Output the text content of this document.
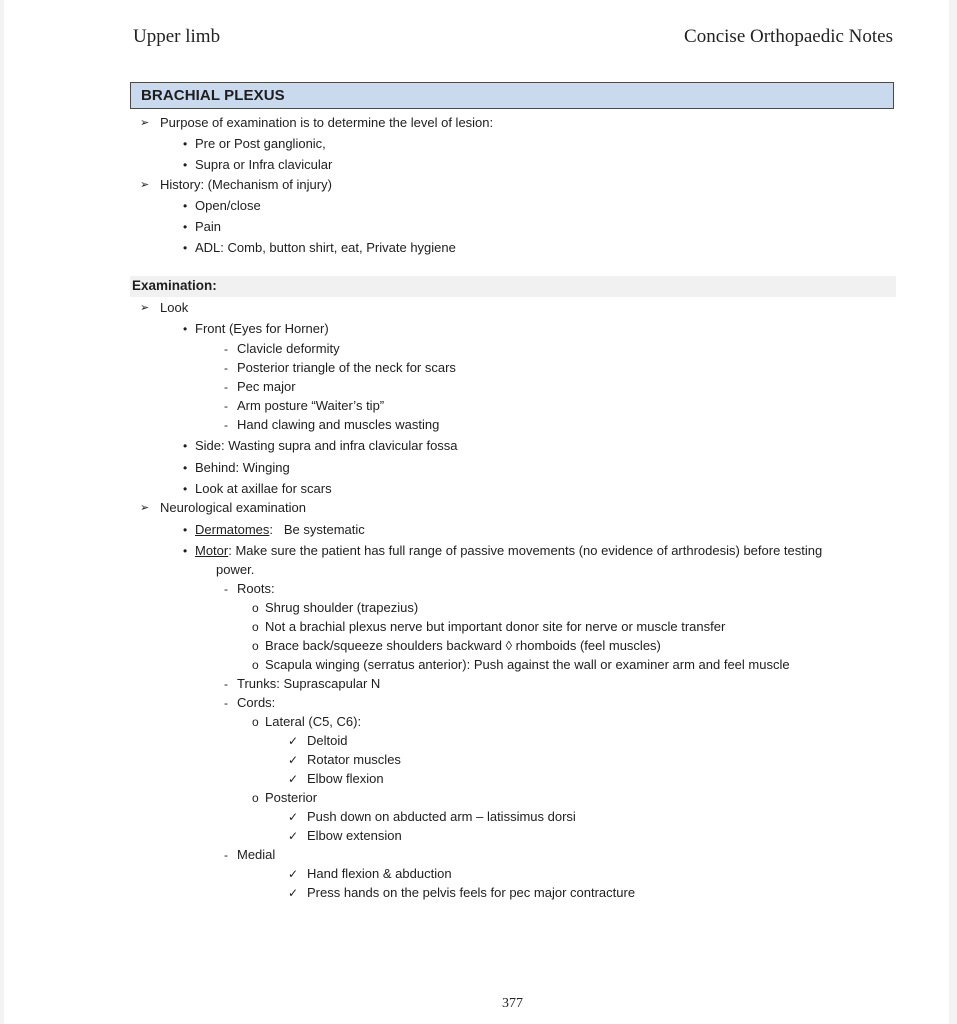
Upper limb	Concise Orthopaedic Notes
BRACHIAL PLEXUS
➢ Purpose of examination is to determine the level of lesion:
• Pre or Post ganglionic,
• Supra or Infra clavicular
➢ History: (Mechanism of injury)
• Open/close
• Pain
• ADL: Comb, button shirt, eat, Private hygiene
Examination:
➢ Look
• Front (Eyes for Horner)
- Clavicle deformity
- Posterior triangle of the neck for scars
- Pec major
- Arm posture “Waiter’s tip”
- Hand clawing and muscles wasting
• Side: Wasting supra and infra clavicular fossa
• Behind: Winging
• Look at axillae for scars
➢ Neurological examination
• Dermatomes:   Be systematic
• Motor: Make sure the patient has full range of passive movements (no evidence of arthrodesis) before testing
power.
- Roots:
o Shrug shoulder (trapezius)
o Not a brachial plexus nerve but important donor site for nerve or muscle transfer
o Brace back/squeeze shoulders backward ◊ rhomboids (feel muscles)
o Scapula winging (serratus anterior): Push against the wall or examiner arm and feel muscle
- Trunks: Suprascapular N
- Cords:
o Lateral (C5, C6):
✓ Deltoid
✓ Rotator muscles
✓ Elbow flexion
o Posterior
✓ Push down on abducted arm – latissimus dorsi
✓ Elbow extension
- Medial
✓ Hand flexion & abduction
✓ Press hands on the pelvis feels for pec major contracture
377
